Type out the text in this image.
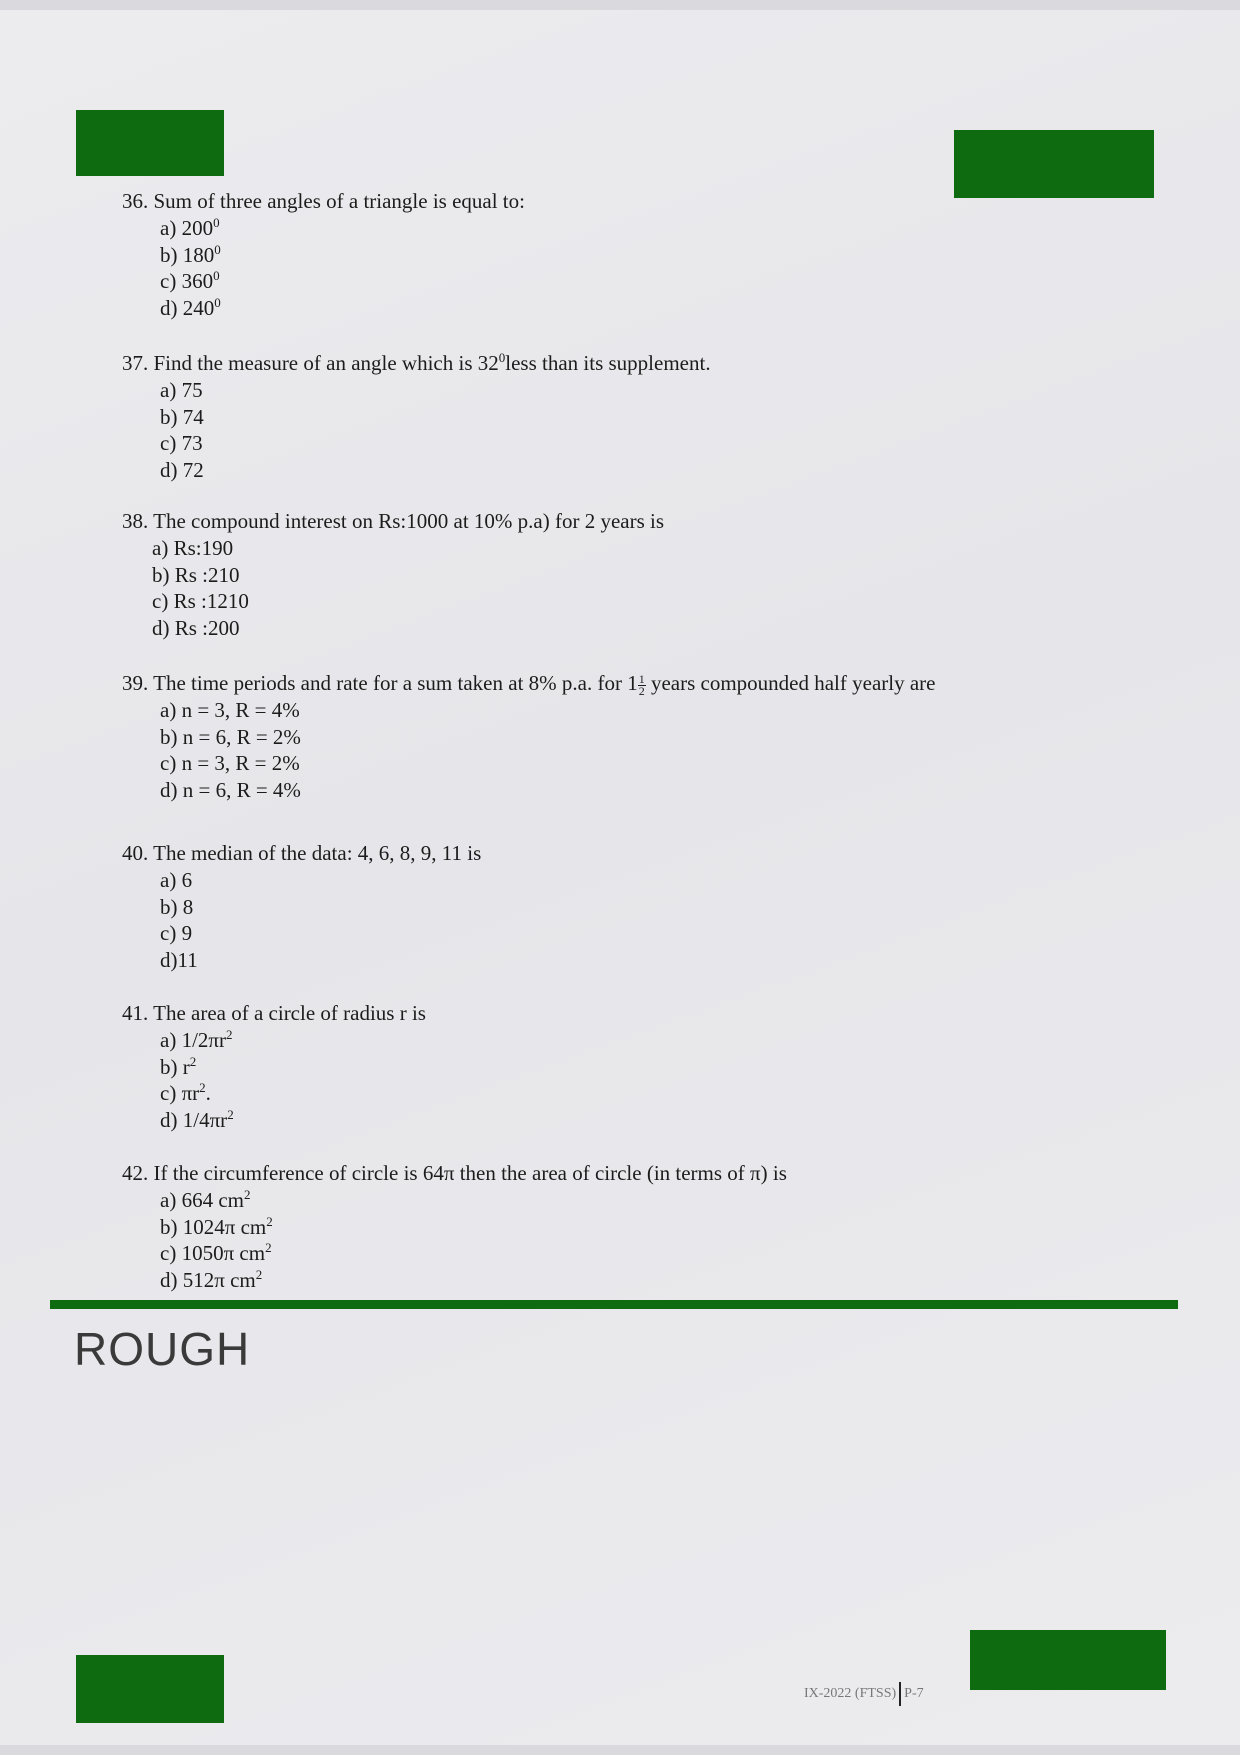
36. Sum of three angles of a triangle is equal to:
a) $200^0$
b) $180^0$
c) $360^0$
d) $240^0$
37. Find the measure of an angle which is $32^0less$ than its supplement.
a) 75
b) 74
c) 73
d) 72
38. The compound interest on Rs:1000 at 10% p.a) for 2 years is
a) Rs:190
b) Rs :210
c) Rs :1210
d) Rs :200
39. The time periods and rate for a sum taken at 8% p.a. for $1 \frac{1}{2}$ years compounded half yearly are
a) n = 3, R = 4%
b) n = 6, R = 2%
c) n = 3, R = 2%
d) n = 6, R = 4%
40. The median of the data: 4, 6, 8, 9, 11 is
a) 6
b) 8
c) 9
d)11
41. The area of a circle of radius r is
a) $1/2\pi r^2$
b) $r^2$
c) $\pi r^2$.
d) $1/4\pi r^2$
42. If the circumference of circle is 64π then the area of circle (in terms of π) is
a) 664 $cm^2$
b) 1024π $cm^2$
c) 1050π $cm^2$
d) 512π $cm^2$
ROUGH
IX-2022 (FTSS) P-7
